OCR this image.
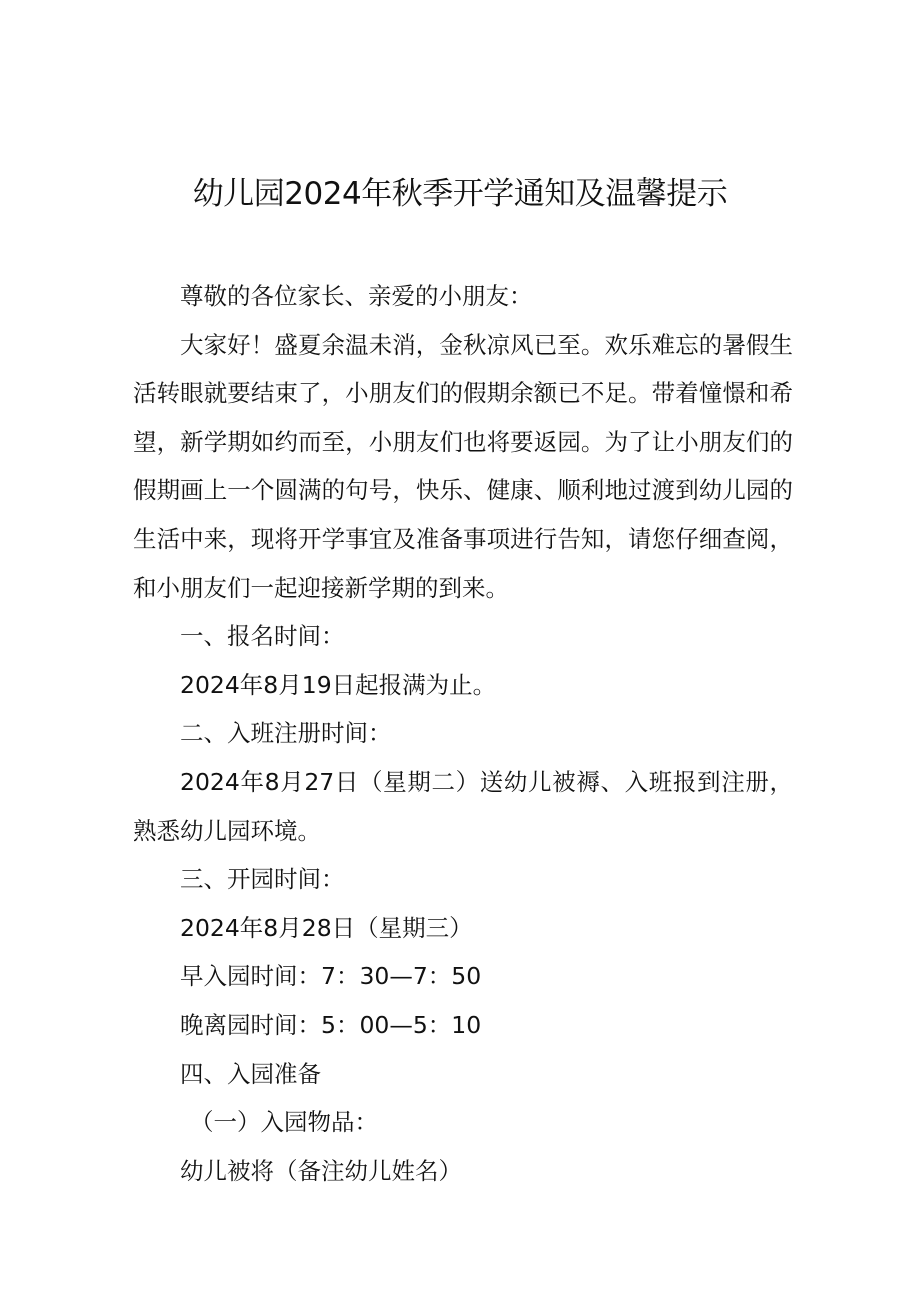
幼儿园2024年秋季开学通知及温馨提示

尊敬的各位家长、亲爱的小朋友：

大家好！盛夏余温未消，金秋凉风已至。欢乐难忘的暑假生活转眼就要结束了，小朋友们的假期余额已不足。带着憧憬和希望，新学期如约而至，小朋友们也将要返园。为了让小朋友们的假期画上一个圆满的句号，快乐、健康、顺利地过渡到幼儿园的生活中来，现将开学事宜及准备事项进行告知，请您仔细查阅，和小朋友们一起迎接新学期的到来。

一、报名时间：

2024年8月19日起报满为止。

二、入班注册时间：

2024年8月27日（星期二）送幼儿被褥、入班报到注册，熟悉幼儿园环境。

三、开园时间：

2024年8月28日（星期三）

早入园时间：7：30—7：50

晚离园时间：5：00—5：10

四、入园准备

（一）入园物品：

幼儿被将（备注幼儿姓名）
